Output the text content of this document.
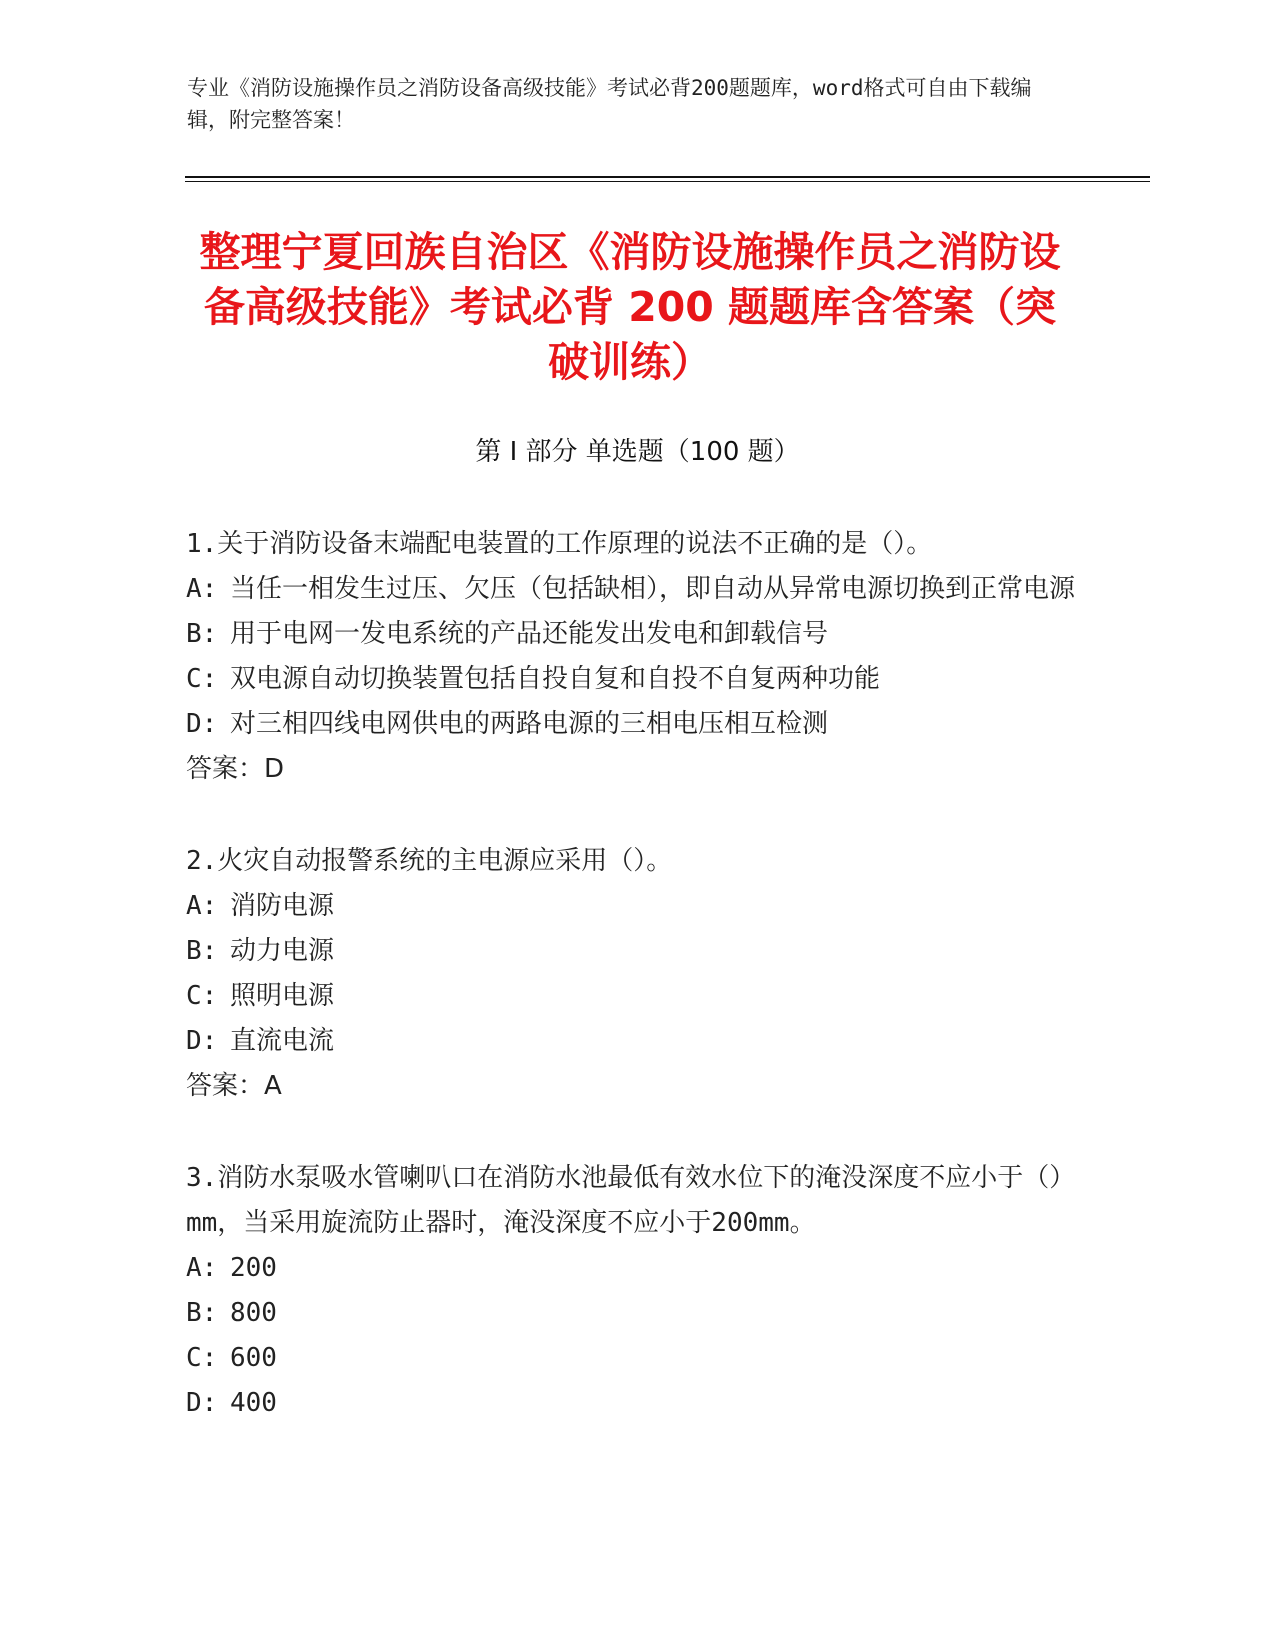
专业《消防设施操作员之消防设备高级技能》考试必背200题题库，word格式可自由下载编辑，附完整答案！
整理宁夏回族自治区《消防设施操作员之消防设备高级技能》考试必背 200 题题库含答案（突破训练）
第 I 部分 单选题（100 题）
1.关于消防设备末端配电装置的工作原理的说法不正确的是（）。
A: 当任一相发生过压、欠压（包括缺相），即自动从异常电源切换到正常电源
B: 用于电网一发电系统的产品还能发出发电和卸载信号
C: 双电源自动切换装置包括自投自复和自投不自复两种功能
D: 对三相四线电网供电的两路电源的三相电压相互检测
答案：D
2.火灾自动报警系统的主电源应采用（）。
A: 消防电源
B: 动力电源
C: 照明电源
D: 直流电流
答案：A
3.消防水泵吸水管喇叭口在消防水池最低有效水位下的淹没深度不应小于（）mm，当采用旋流防止器时，淹没深度不应小于200mm。
A: 200
B: 800
C: 600
D: 400
